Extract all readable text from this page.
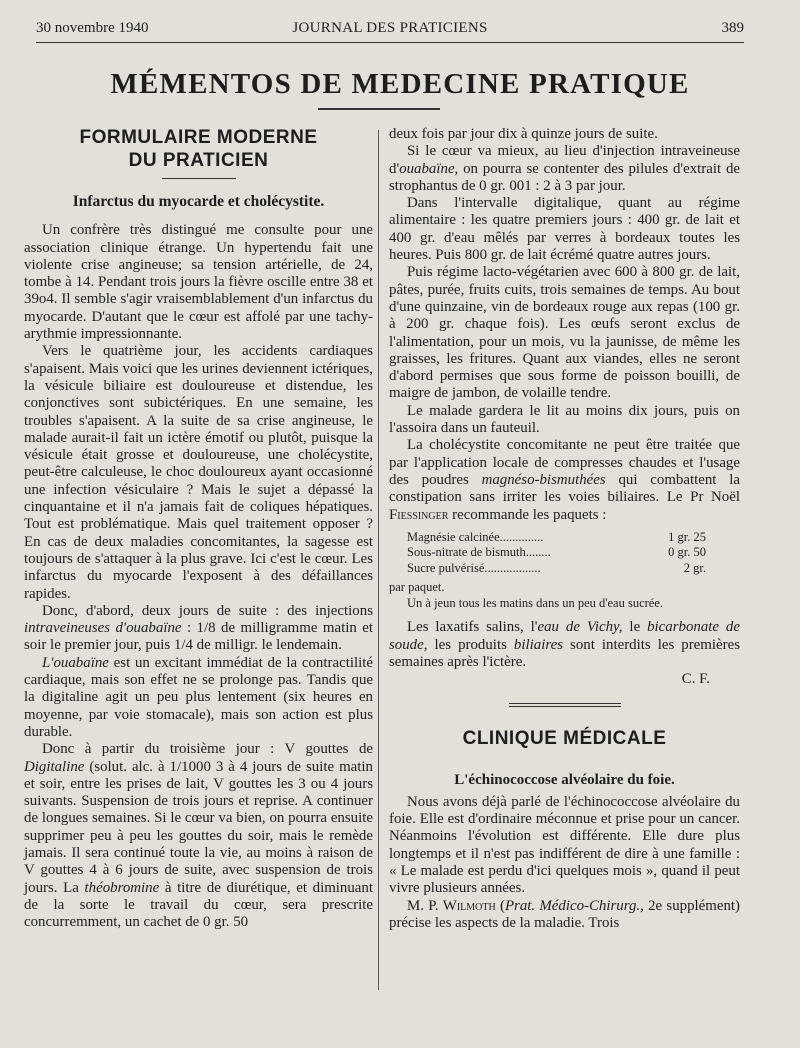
30 novembre 1940	JOURNAL DES PRATICIENS	389
MÉMENTOS DE MEDECINE PRATIQUE
FORMULAIRE MODERNE
DU PRATICIEN
Infarctus du myocarde et cholécystite.

Un confrère très distingué me consulte pour une association clinique étrange. Un hypertendu fait une violente crise angineuse; sa tension artérielle, de 24, tombe à 14. Pendant trois jours la fièvre oscille entre 38 et 39o4. Il semble s'agir vraisemblablement d'un infarctus du myocarde. D'autant que le cœur est affolé par une tachy-arythmie impressionnante.

Vers le quatrième jour, les accidents cardiaques s'apaisent. Mais voici que les urines deviennent ictériques, la vésicule biliaire est douloureuse et distendue, les conjonctives sont subictériques. En une semaine, les troubles s'apaisent. A la suite de sa crise angineuse, le malade aurait-il fait un ictère émotif ou plutôt, puisque la vésicule était grosse et douloureuse, une cholécystite, peut-être calculeuse, le choc douloureux ayant occasionné une infection vésiculaire ? Mais le sujet a dépassé la cinquantaine et il n'a jamais fait de coliques hépatiques. Tout est problématique. Mais quel traitement opposer ? En cas de deux maladies concomitantes, la sagesse est toujours de s'attaquer à la plus grave. Ici c'est le cœur. Les infarctus du myocarde l'exposent à des défaillances rapides.

Donc, d'abord, deux jours de suite : des injections intraveineuses d'ouabaïne : 1/8 de milligramme matin et soir le premier jour, puis 1/4 de milligr. le lendemain.

L'ouabaïne est un excitant immédiat de la contractilité cardiaque, mais son effet ne se prolonge pas. Tandis que la digitaline agit un peu plus lentement (six heures en moyenne, par voie stomacale), mais son action est plus durable.

Donc à partir du troisième jour : V gouttes de Digitaline (solut. alc. à 1/1000 3 à 4 jours de suite matin et soir, entre les prises de lait, V gouttes les 3 ou 4 jours suivants. Suspension de trois jours et reprise. A continuer de longues semaines. Si le cœur va bien, on pourra ensuite supprimer peu à peu les gouttes du soir, mais le remède jamais. Il sera continué toute la vie, au moins à raison de V gouttes 4 à 6 jours de suite, avec suspension de trois jours. La théobromine à titre de diurétique, et diminuant de la sorte le travail du cœur, sera prescrite concurremment, un cachet de 0 gr. 50

deux fois par jour dix à quinze jours de suite.

Si le cœur va mieux, au lieu d'injection intraveineuse d'ouabaïne, on pourra se contenter des pilules d'extrait de strophantus de 0 gr. 001 : 2 à 3 par jour.

Dans l'intervalle digitalique, quant au régime alimentaire : les quatre premiers jours : 400 gr. de lait et 400 gr. d'eau mêlés par verres à bordeaux toutes les heures. Puis 800 gr. de lait écrémé quatre autres jours.

Puis régime lacto-végétarien avec 600 à 800 gr. de lait, pâtes, purée, fruits cuits, trois semaines de temps. Au bout d'une quinzaine, vin de bordeaux rouge aux repas (100 gr. à 200 gr. chaque fois). Les œufs seront exclus de l'alimentation, pour un mois, vu la jaunisse, de même les graisses, les fritures. Quant aux viandes, elles ne seront d'abord permises que sous forme de poisson bouilli, de maigre de jambon, de volaille tendre.

Le malade gardera le lit au moins dix jours, puis on l'assoira dans un fauteuil.

La cholécystite concomitante ne peut être traitée que par l'application locale de compresses chaudes et l'usage des poudres magnéso-bismuthées qui combattent la constipation sans irriter les voies biliaires. Le Pr Noël Fiessinger recommande les paquets :

Magnésie calcinée..............	1 gr. 25
Sous-nitrate de bismuth........	0 gr. 50
Sucre pulvérisé..................	2 gr.

par paquet.

Un à jeun tous les matins dans un peu d'eau sucrée.

Les laxatifs salins, l'eau de Vichy, le bicarbonate de soude, les produits biliaires sont interdits les premières semaines après l'ictère.

C. F.
CLINIQUE MÉDICALE
L'échinococcose alvéolaire du foie.

Nous avons déjà parlé de l'échinococcose alvéolaire du foie. Elle est d'ordinaire méconnue et prise pour un cancer. Néanmoins l'évolution est différente. Elle dure plus longtemps et il n'est pas indifférent de dire à une famille : « Le malade est perdu d'ici quelques mois », quand il peut vivre plusieurs années.

M. P. Wilmoth (Prat. Médico-Chirurg., 2e supplément) précise les aspects de la maladie. Trois
